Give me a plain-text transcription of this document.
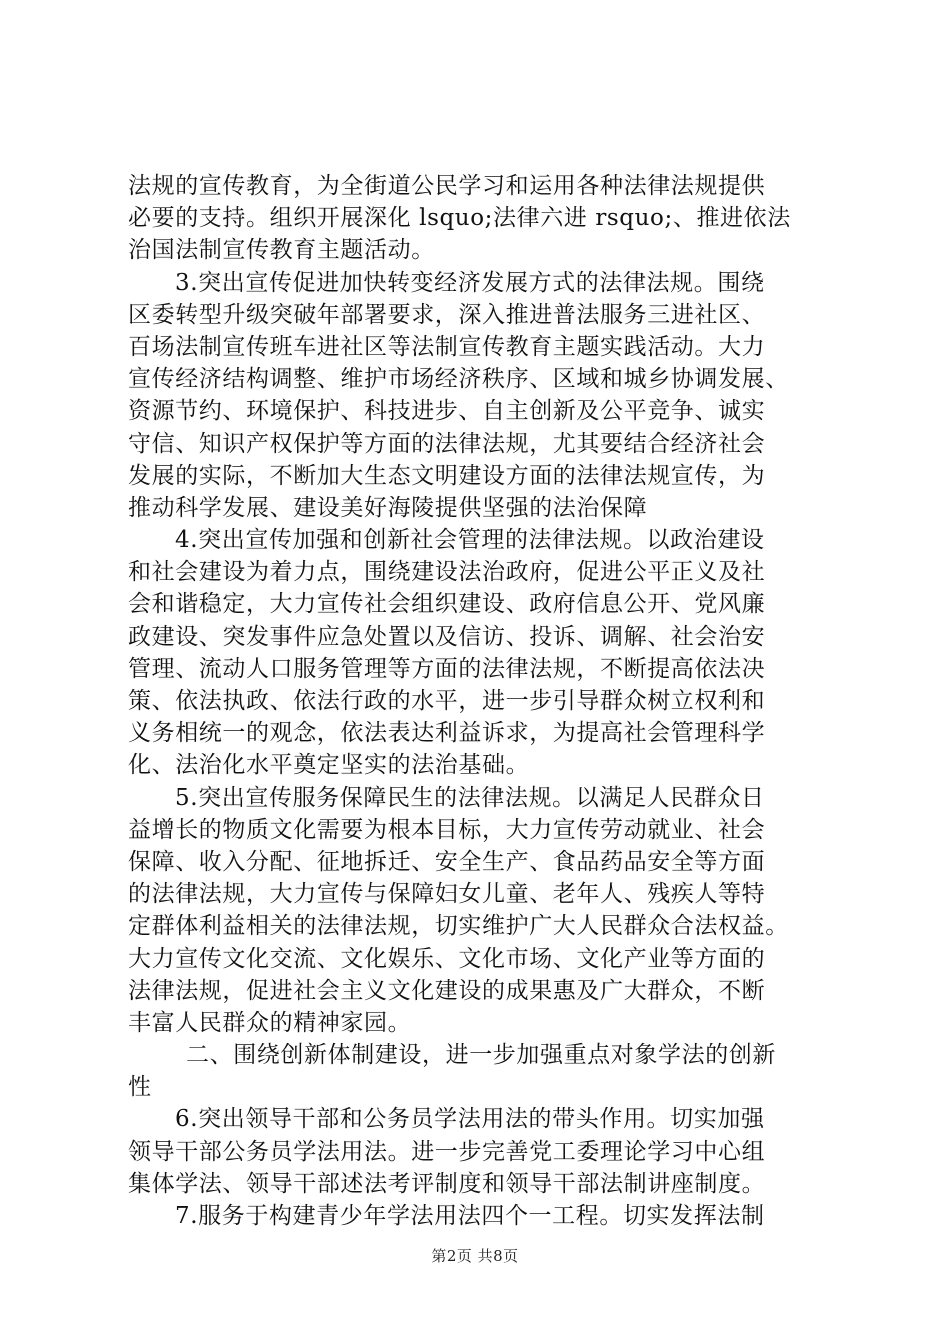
法规的宣传教育，为全街道公民学习和运用各种法律法规提供
必要的支持。组织开展深化 lsquo;法律六进 rsquo;、推进依法
治国法制宣传教育主题活动。
3.突出宣传促进加快转变经济发展方式的法律法规。围绕
区委转型升级突破年部署要求，深入推进普法服务三进社区、
百场法制宣传班车进社区等法制宣传教育主题实践活动。大力
宣传经济结构调整、维护市场经济秩序、区域和城乡协调发展、
资源节约、环境保护、科技进步、自主创新及公平竞争、诚实
守信、知识产权保护等方面的法律法规，尤其要结合经济社会
发展的实际，不断加大生态文明建设方面的法律法规宣传，为
推动科学发展、建设美好海陵提供坚强的法治保障
4.突出宣传加强和创新社会管理的法律法规。以政治建设
和社会建设为着力点，围绕建设法治政府，促进公平正义及社
会和谐稳定，大力宣传社会组织建设、政府信息公开、党风廉
政建设、突发事件应急处置以及信访、投诉、调解、社会治安
管理、流动人口服务管理等方面的法律法规，不断提高依法决
策、依法执政、依法行政的水平，进一步引导群众树立权利和
义务相统一的观念，依法表达利益诉求，为提高社会管理科学
化、法治化水平奠定坚实的法治基础。
5.突出宣传服务保障民生的法律法规。以满足人民群众日
益增长的物质文化需要为根本目标，大力宣传劳动就业、社会
保障、收入分配、征地拆迁、安全生产、食品药品安全等方面
的法律法规，大力宣传与保障妇女儿童、老年人、残疾人等特
定群体利益相关的法律法规，切实维护广大人民群众合法权益。
大力宣传文化交流、文化娱乐、文化市场、文化产业等方面的
法律法规，促进社会主义文化建设的成果惠及广大群众，不断
丰富人民群众的精神家园。
二、围绕创新体制建设，进一步加强重点对象学法的创新
性
6.突出领导干部和公务员学法用法的带头作用。切实加强
领导干部公务员学法用法。进一步完善党工委理论学习中心组
集体学法、领导干部述法考评制度和领导干部法制讲座制度。
7.服务于构建青少年学法用法四个一工程。切实发挥法制
第2页 共8页
